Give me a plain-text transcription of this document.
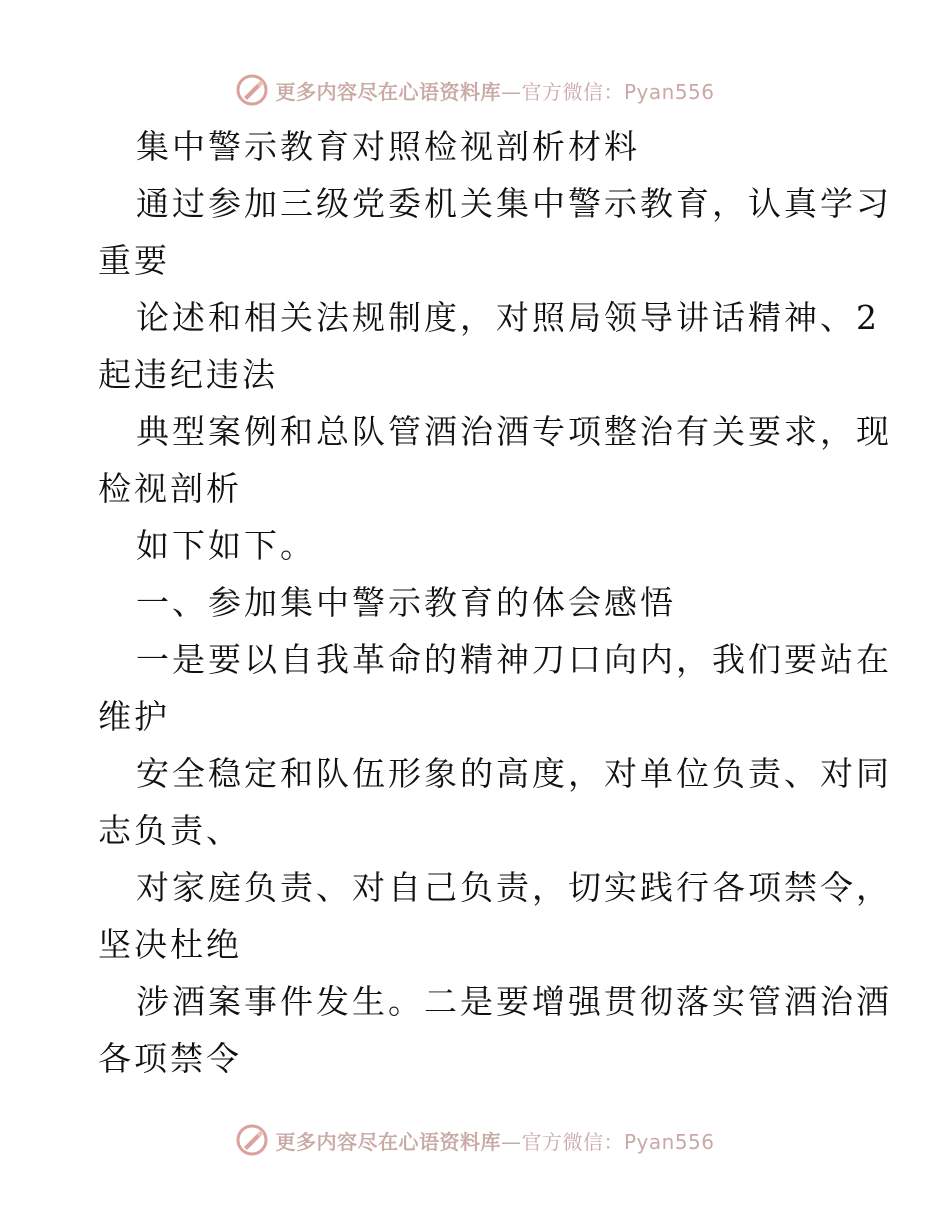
更多内容尽在心语资料库—官方微信：Pyan556
集中警示教育对照检视剖析材料
通过参加三级党委机关集中警示教育，认真学习
重要
论述和相关法规制度，对照局领导讲话精神、2
起违纪违法
典型案例和总队管酒治酒专项整治有关要求，现
检视剖析
如下如下。
一、参加集中警示教育的体会感悟
一是要以自我革命的精神刀口向内，我们要站在
维护
安全稳定和队伍形象的高度，对单位负责、对同
志负责、
对家庭负责、对自己负责，切实践行各项禁令，
坚决杜绝
涉酒案事件发生。二是要增强贯彻落实管酒治酒
各项禁令
更多内容尽在心语资料库—官方微信：Pyan556
